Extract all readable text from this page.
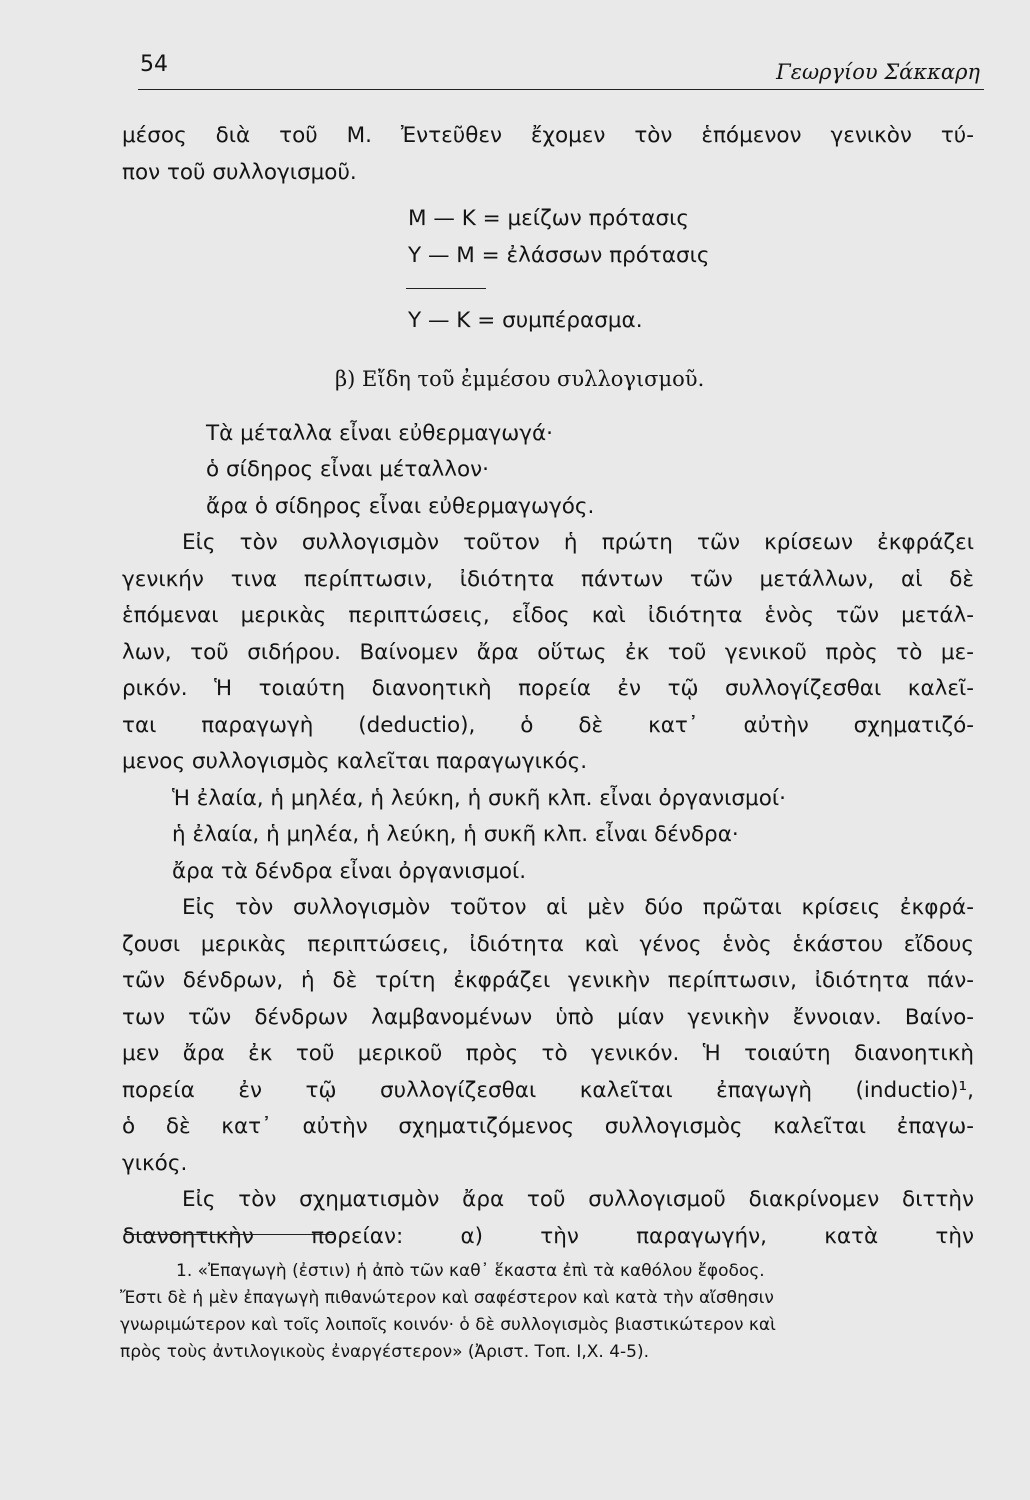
54	Γεωργίου Σάκκαρη
μέσος διὰ τοῦ Μ. Ἐντεῦθεν ἔχομεν τὸν ἑπόμενον γενικὸν τύ-
πον τοῦ συλλογισμοῦ.
Μ — Κ = μείζων πρότασις
Υ — Μ = ἐλάσσων πρότασις
Υ — Κ = συμπέρασμα.
β) Εἴδη τοῦ ἐμμέσου συλλογισμοῦ.
Τὰ μέταλλα εἶναι εὐθερμαγωγά·
ὁ σίδηρος εἶναι μέταλλον·
ἄρα ὁ σίδηρος εἶναι εὐθερμαγωγός.
Εἰς τὸν συλλογισμὸν τοῦτον ἡ πρώτη τῶν κρίσεων ἐκφράζει
γενικήν τινα περίπτωσιν, ἰδιότητα πάντων τῶν μετάλλων, αἱ δὲ
ἑπόμεναι μερικὰς περιπτώσεις, εἶδος καὶ ἰδιότητα ἑνὸς τῶν μετάλ-
λων, τοῦ σιδήρου. Βαίνομεν ἄρα οὕτως ἐκ τοῦ γενικοῦ πρὸς τὸ με-
ρικόν. Ἡ τοιαύτη διανοητικὴ πορεία ἐν τῷ συλλογίζεσθαι καλεῖ-
ται παραγωγὴ (deductio), ὁ δὲ κατ᾿ αὐτὴν σχηματιζό-
μενος συλλογισμὸς καλεῖται παραγωγικός.
Ἡ ἐλαία, ἡ μηλέα, ἡ λεύκη, ἡ συκῆ κλπ. εἶναι ὀργανισμοί·
ἡ ἐλαία, ἡ μηλέα, ἡ λεύκη, ἡ συκῆ κλπ. εἶναι δένδρα·
ἄρα τὰ δένδρα εἶναι ὀργανισμοί.
Εἰς τὸν συλλογισμὸν τοῦτον αἱ μὲν δύο πρῶται κρίσεις ἐκφρά-
ζουσι μερικὰς περιπτώσεις, ἰδιότητα καὶ γένος ἑνὸς ἑκάστου εἴδους
τῶν δένδρων, ἡ δὲ τρίτη ἐκφράζει γενικὴν περίπτωσιν, ἰδιότητα πάν-
των τῶν δένδρων λαμβανομένων ὑπὸ μίαν γενικὴν ἔννοιαν. Βαίνο-
μεν ἄρα ἐκ τοῦ μερικοῦ πρὸς τὸ γενικόν. Ἡ τοιαύτη διανοητικὴ
πορεία ἐν τῷ συλλογίζεσθαι καλεῖται ἐπαγωγὴ (inductio)¹,
ὁ δὲ κατ᾿ αὐτὴν σχηματιζόμενος συλλογισμὸς καλεῖται ἐπαγω-
γικός.
Εἰς τὸν σχηματισμὸν ἄρα τοῦ συλλογισμοῦ διακρίνομεν διττὴν
διανοητικὴν πορείαν: α) τὴν παραγωγήν, κατὰ τὴν
1. «Ἐπαγωγὴ (ἐστιν) ἡ ἀπὸ τῶν καθ᾿ ἕκαστα ἐπὶ τὰ καθόλου ἔφοδος.
Ἔστι δὲ ἡ μὲν ἐπαγωγὴ πιθανώτερον καὶ σαφέστερον καὶ κατὰ τὴν αἴσθησιν
γνωριμώτερον καὶ τοῖς λοιποῖς κοινόν· ὁ δὲ συλλογισμὸς βιαστικώτερον καὶ
πρὸς τοὺς ἀντιλογικοὺς ἐναργέστερον» (Ἀριστ. Τοπ. I,Χ. 4-5).
